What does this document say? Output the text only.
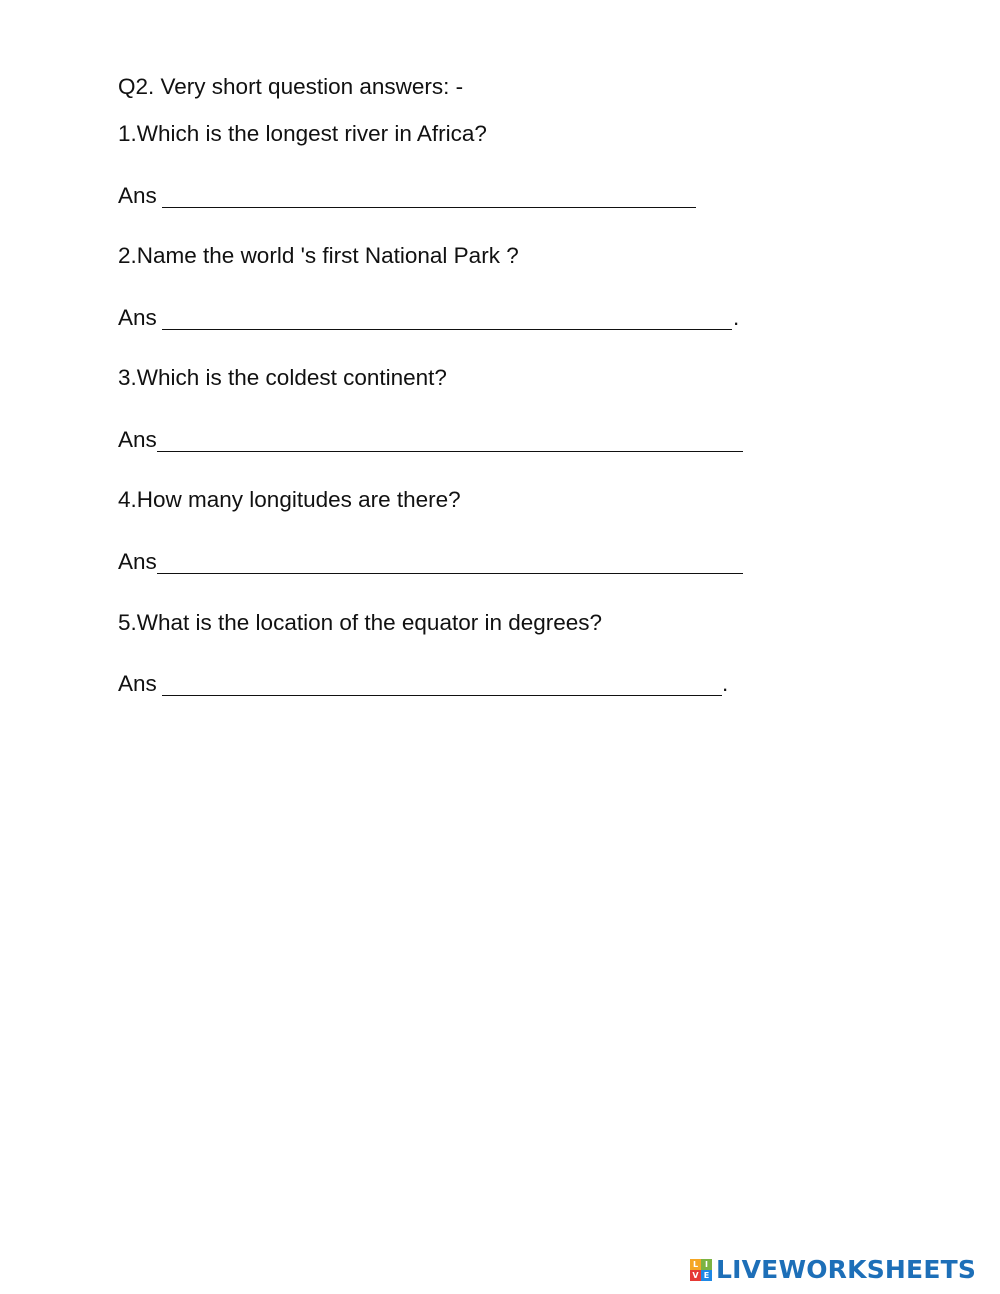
Q2. Very short question answers: -
1.Which is the longest river in Africa?
Ans
2.Name the world 's first National Park ?
Ans	.
3.Which is the coldest continent?
Ans
4.How many longitudes are there?
Ans
5.What is the location of the equator in degrees?
Ans	.
L I
V E LIVEWORKSHEETS
